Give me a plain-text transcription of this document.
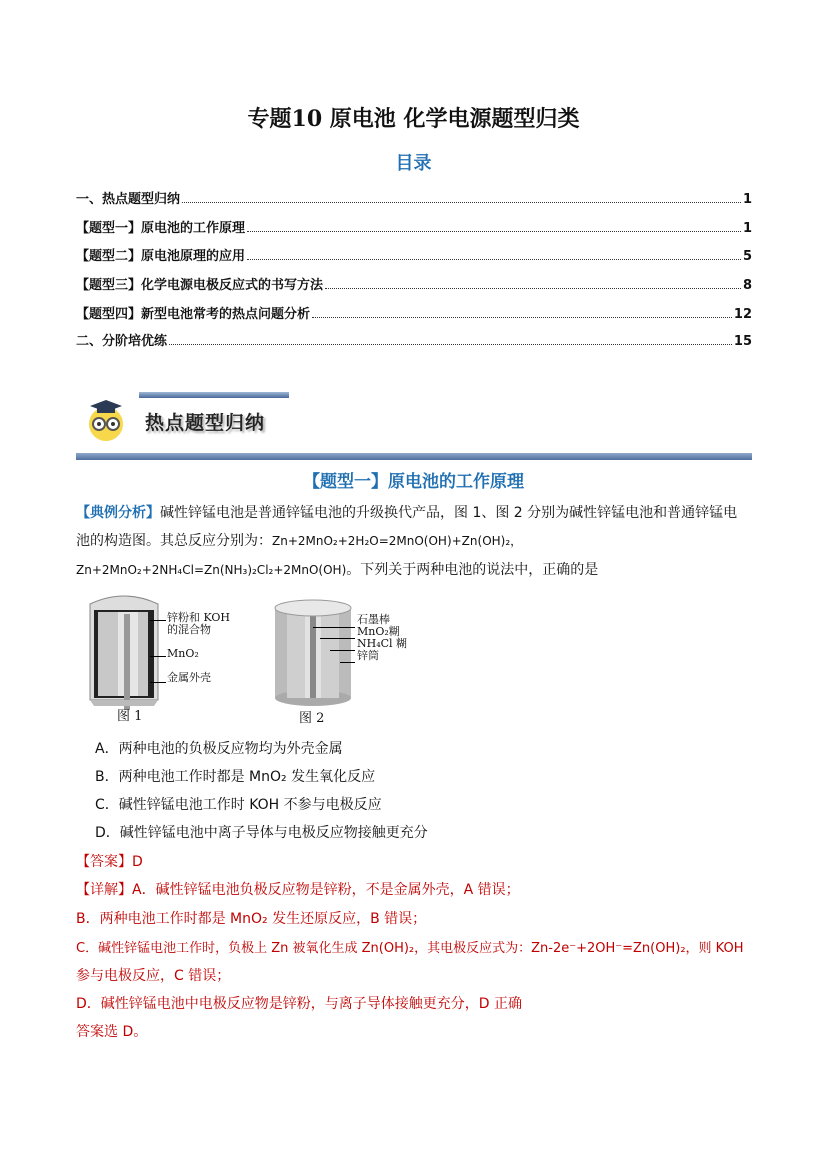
专题10 原电池 化学电源题型归类
目录
一、热点题型归纳	1
【题型一】原电池的工作原理	1
【题型二】原电池原理的应用	5
【题型三】化学电源电极反应式的书写方法	8
【题型四】新型电池常考的热点问题分析	12
二、分阶培优练	15
热点题型归纳
【题型一】原电池的工作原理
【典例分析】碱性锌锰电池是普通锌锰电池的升级换代产品，图 1、图 2 分别为碱性锌锰电池和普通锌锰电
池的构造图。其总反应分别为：Zn+2MnO₂+2H₂O=2MnO(OH)+Zn(OH)₂，
Zn+2MnO₂+2NH₄Cl=Zn(NH₃)₂Cl₂+2MnO(OH)。下列关于两种电池的说法中，正确的是
锌粉和 KOH
的混合物
MnO₂
金属外壳
图 1
石墨棒
MnO₂糊
NH₄Cl 糊
锌筒
图 2
A．两种电池的负极反应物均为外壳金属
B．两种电池工作时都是 MnO₂ 发生氧化反应
C．碱性锌锰电池工作时 KOH 不参与电极反应
D．碱性锌锰电池中离子导体与电极反应物接触更充分
【答案】D
【详解】A．碱性锌锰电池负极反应物是锌粉，不是金属外壳，A 错误；
B．两种电池工作时都是 MnO₂ 发生还原反应，B 错误；
C．碱性锌锰电池工作时，负极上 Zn 被氧化生成 Zn(OH)₂，其电极反应式为：Zn-2e⁻+2OH⁻=Zn(OH)₂，则 KOH
参与电极反应，C 错误；
D．碱性锌锰电池中电极反应物是锌粉，与离子导体接触更充分，D 正确
答案选 D。
